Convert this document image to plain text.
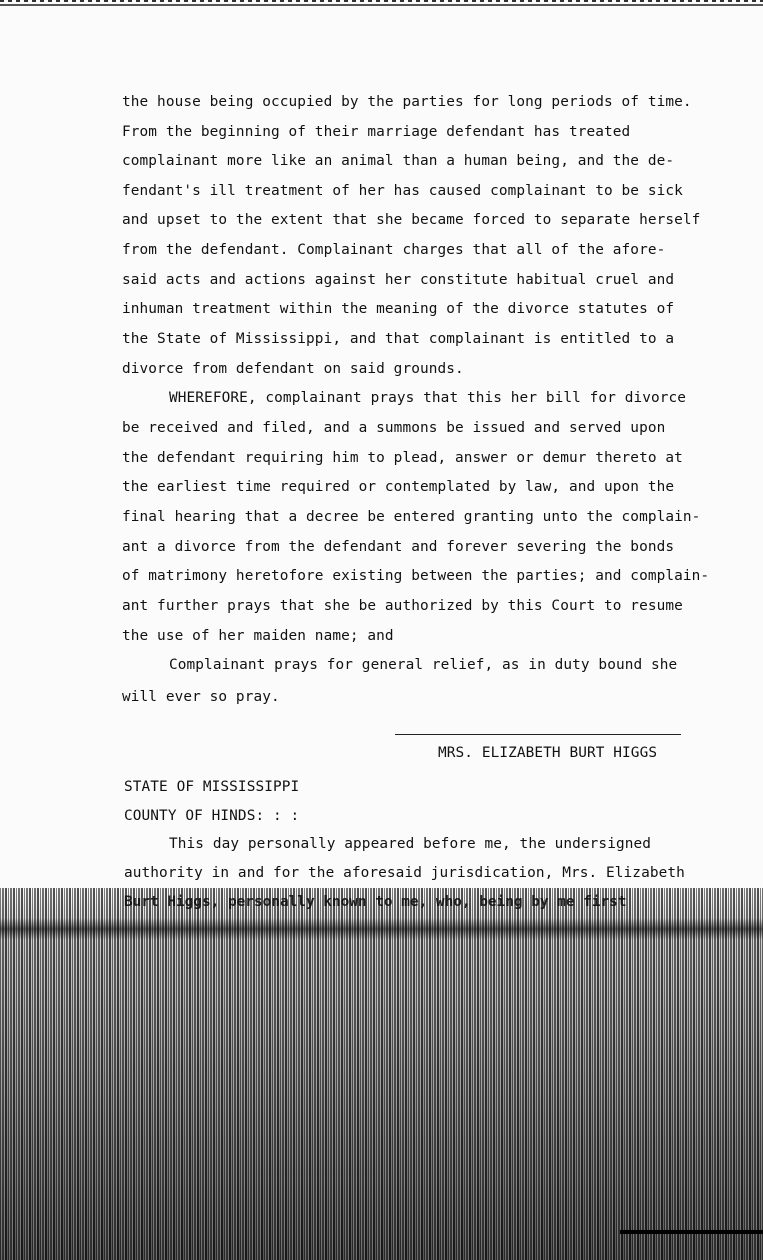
the house being occupied by the parties for long periods of time.
From the beginning of their marriage defendant has treated
complainant more like an animal than a human being, and the de-
fendant's ill treatment of her has caused complainant to be sick
and upset to the extent that she became forced to separate herself
from the defendant. Complainant charges that all of the afore-
said acts and actions against her constitute habitual cruel and
inhuman treatment within the meaning of the divorce statutes of
the State of Mississippi, and that complainant is entitled to a
divorce from defendant on said grounds.
WHEREFORE, complainant prays that this her bill for divorce
be received and filed, and a summons be issued and served upon
the defendant requiring him to plead, answer or demur thereto at
the earliest time required or contemplated by law, and upon the
final hearing that a decree be entered granting unto the complain-
ant a divorce from the defendant and forever severing the bonds
of matrimony heretofore existing between the parties; and complain-
ant further prays that she be authorized by this Court to resume
the use of her maiden name; and
Complainant prays for general relief, as in duty bound she
will ever so pray.
MRS. ELIZABETH BURT HIGGS
STATE OF MISSISSIPPI
COUNTY OF HINDS: : :
This day personally appeared before me, the undersigned
authority in and for the aforesaid jurisdication, Mrs. Elizabeth
Burt Higgs, personally known to me, who, being by me first
